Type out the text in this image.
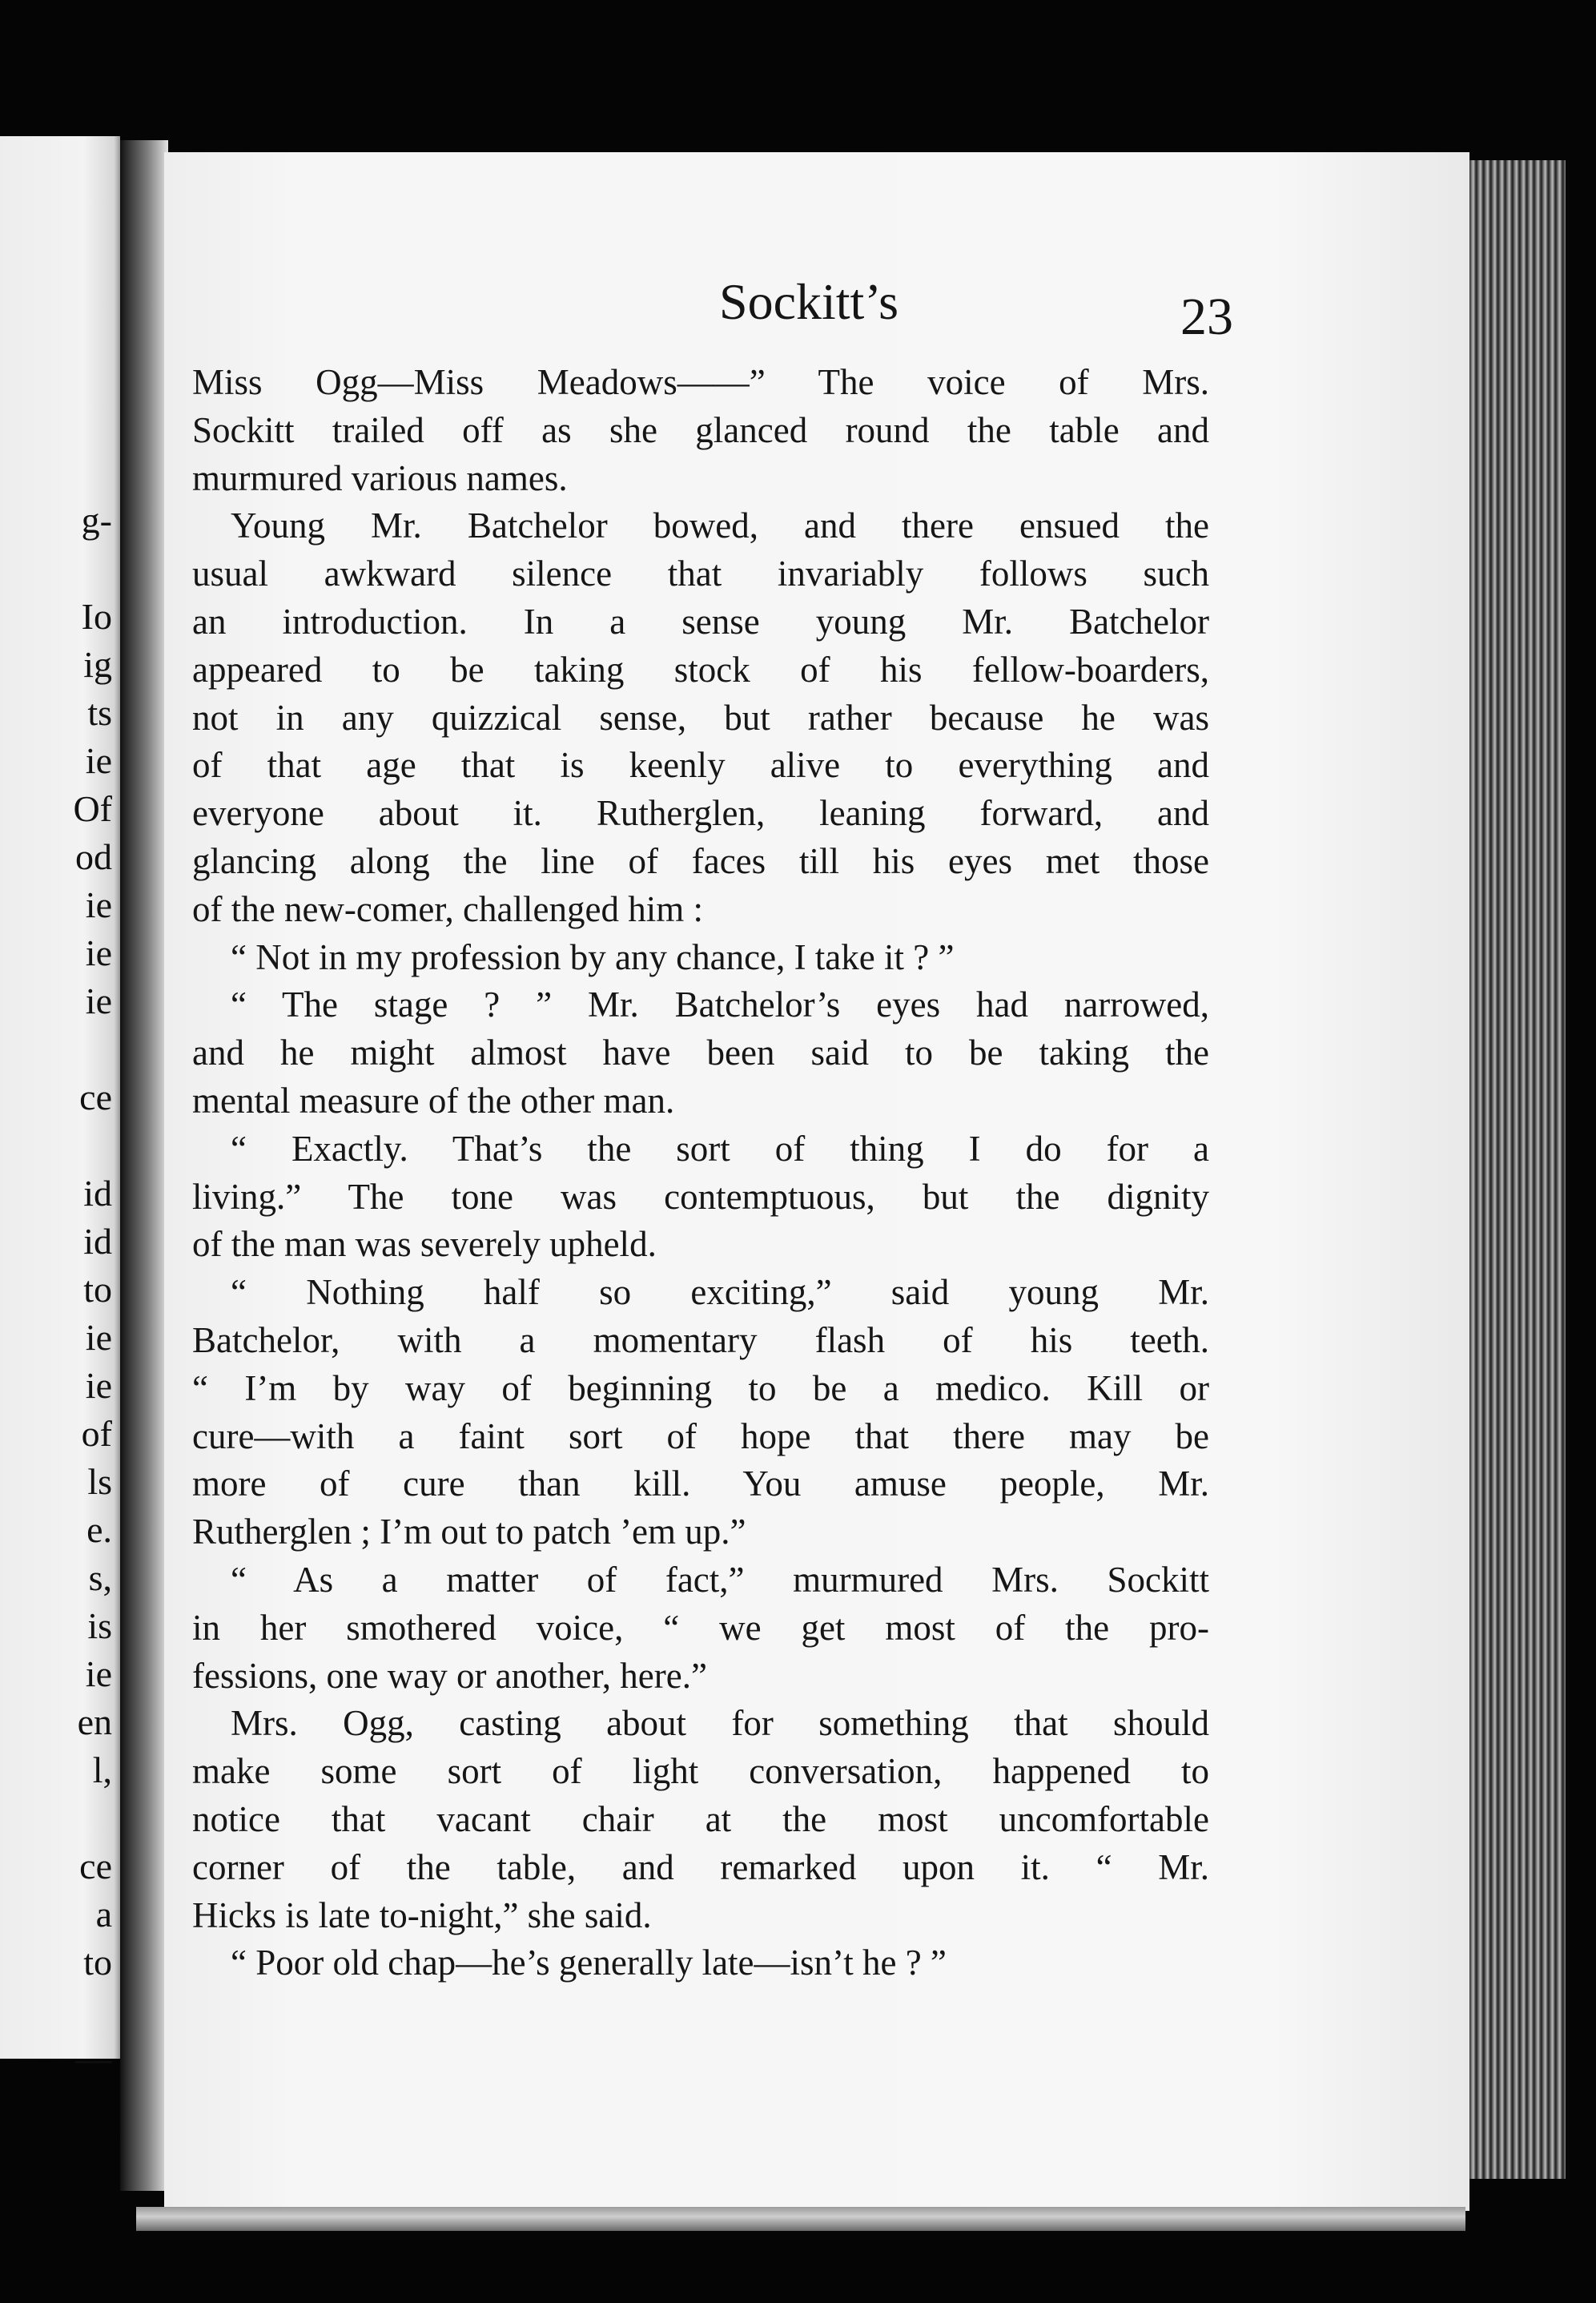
g-
Io
ig
ts
ie
Of
od
ie
ie
ie
ce
id
id
to
ie
ie
of
ls
e.
s,
is
ie
en
l,
ce
a
to
—
Sockitt’s	23
Miss Ogg—Miss Meadows——” The voice of Mrs.
Sockitt trailed off as she glanced round the table and
murmured various names.
Young Mr. Batchelor bowed, and there ensued the
usual awkward silence that invariably follows such
an introduction. In a sense young Mr. Batchelor
appeared to be taking stock of his fellow-boarders,
not in any quizzical sense, but rather because he was
of that age that is keenly alive to everything and
everyone about it. Rutherglen, leaning forward, and
glancing along the line of faces till his eyes met those
of the new-comer, challenged him :
“ Not in my profession by any chance, I take it ? ”
“ The stage ? ” Mr. Batchelor’s eyes had narrowed,
and he might almost have been said to be taking the
mental measure of the other man.
“ Exactly. That’s the sort of thing I do for a
living.” The tone was contemptuous, but the dignity
of the man was severely upheld.
“ Nothing half so exciting,” said young Mr.
Batchelor, with a momentary flash of his teeth.
“ I’m by way of beginning to be a medico. Kill or
cure—with a faint sort of hope that there may be
more of cure than kill. You amuse people, Mr.
Rutherglen ; I’m out to patch ’em up.”
“ As a matter of fact,” murmured Mrs. Sockitt
in her smothered voice, “ we get most of the pro-
fessions, one way or another, here.”
Mrs. Ogg, casting about for something that should
make some sort of light conversation, happened to
notice that vacant chair at the most uncomfortable
corner of the table, and remarked upon it. “ Mr.
Hicks is late to-night,” she said.
“ Poor old chap—he’s generally late—isn’t he ? ”
